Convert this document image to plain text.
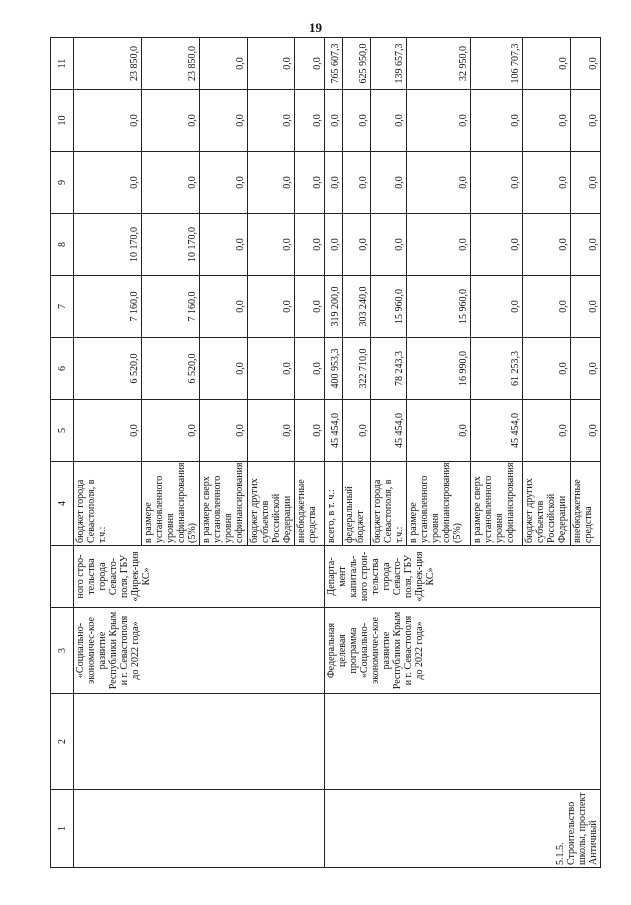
19
1	2	3		4	5	6	7	8	9	10	11
		«Социально-экономичес-кое развитие Республики Крым и г. Севастополя до 2022 года»	ного стро-тельства города Севасто-поля, ГБУ «Дирек-ция КС»	бюджет города Севастополя, в т.ч.:	0,0	6 520,0	7 160,0	10 170,0	0,0	0,0	23 850,0
				в размере установленного уровня софинансирования (5%)	0,0	6 520,0	7 160,0	10 170,0	0,0	0,0	23 850,0
				в размере сверх установленного уровня софинансирования	0,0	0,0	0,0	0,0	0,0	0,0	0,0
				бюджет других субъектов Российской Федерации	0,0	0,0	0,0	0,0	0,0	0,0	0,0
				внебюджетные средства	0,0	0,0	0,0	0,0	0,0	0,0	0,0
5.1.5. Строительство школы, проспект Античный		Федеральная целевая программа «Социально-экономичес-кое развитие Республики Крым и г. Севастополя до 2022 года»	Департа-мент капиталь-ного строи-тельства города Севасто-поля, ГБУ «Дирек-ция КС»	всего, в т. ч.:	45 454,0	400 953,3	319 200,0	0,0	0,0	0,0	765 607,3
				федеральный бюджет	0,0	322 710,0	303 240,0	0,0	0,0	0,0	625 950,0
				бюджет города Севастополя, в т.ч.:	45 454,0	78 243,3	15 960,0	0,0	0,0	0,0	139 657,3
				в размере установленного уровня софинансирования (5%)	0,0	16 990,0	15 960,0	0,0	0,0	0,0	32 950,0
				в размере сверх установленного уровня софинансирования	45 454,0	61 253,3	0,0	0,0	0,0	0,0	106 707,3
				бюджет других субъектов Российской Федерации	0,0	0,0	0,0	0,0	0,0	0,0	0,0
				внебюджетные средства	0,0	0,0	0,0	0,0	0,0	0,0	0,0
